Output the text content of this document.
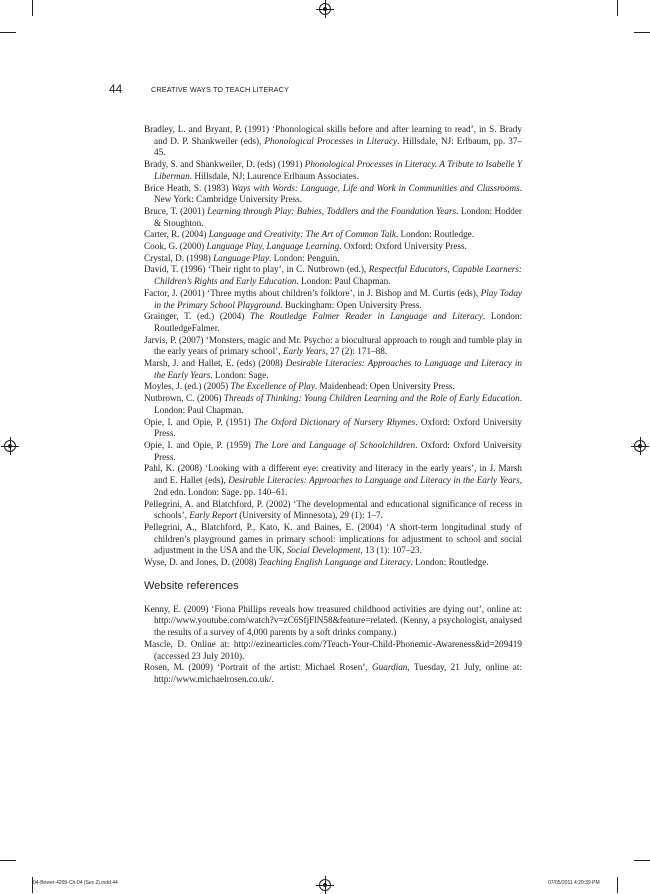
44	CREATIVE WAYS TO TEACH LITERACY
Bradley, L. and Bryant, P. (1991) ‘Phonological skills before and after learning to read’, in S. Brady and D. P. Shankweiler (eds), Phonological Processes in Literacy. Hillsdale, NJ: Erlbaum, pp. 37–45.
Brady, S. and Shankweiler, D. (eds) (1991) Phonological Processes in Literacy. A Tribute to Isabelle Y Liberman. Hillsdale, NJ: Laurence Erlbaum Associates.
Brice Heath, S. (1983) Ways with Words: Language, Life and Work in Communities and Classrooms. New York: Cambridge University Press.
Bruce, T. (2001) Learning through Play: Babies, Toddlers and the Foundation Years. London: Hodder & Stoughton.
Carter, R. (2004) Language and Creativity: The Art of Common Talk. London: Routledge.
Cook, G. (2000) Language Play, Language Learning. Oxford: Oxford University Press.
Crystal, D. (1998) Language Play. London: Penguin.
David, T. (1996) ‘Their right to play’, in C. Nutbrown (ed.), Respectful Educators, Capable Learners: Children’s Rights and Early Education. London: Paul Chapman.
Factor, J. (2001) ‘Three myths about children’s folklore’, in J. Bishop and M. Curtis (eds), Play Today in the Primary School Playground. Buckingham: Open University Press.
Grainger, T. (ed.) (2004) The Routledge Falmer Reader in Language and Literacy. London: RoutledgeFalmer.
Jarvis, P. (2007) ‘Monsters, magic and Mr. Psycho: a biocultural approach to rough and tumble play in the early years of primary school’, Early Years, 27 (2): 171–88.
Marsh, J. and Hallet, E. (eds) (2008) Desirable Literacies: Approaches to Language and Literacy in the Early Years. London: Sage.
Moyles, J. (ed.) (2005) The Excellence of Play. Maidenhead: Open University Press.
Nutbrown, C. (2006) Threads of Thinking: Young Children Learning and the Role of Early Education. London: Paul Chapman.
Opie, I. and Opie, P. (1951) The Oxford Dictionary of Nursery Rhymes. Oxford: Oxford University Press.
Opie, I. and Opie, P. (1959) The Lore and Language of Schoolchildren. Oxford: Oxford University Press.
Pahl, K. (2008) ‘Looking with a different eye: creativity and literacy in the early years’, in J. Marsh and E. Hallet (eds), Desirable Literacies: Approaches to Language and Literacy in the Early Years, 2nd edn. London: Sage. pp. 140–61.
Pellegrini, A. and Blatchford, P. (2002) ‘The developmental and educational significance of recess in schools’, Early Report (University of Minnesota), 29 (1): 1–7.
Pellegrini, A., Blatchford, P., Kato, K. and Baines, E. (2004) ‘A short-term longitudinal study of children’s playground games in primary school: implications for adjustment to school and social adjustment in the USA and the UK, Social Development, 13 (1): 107–23.
Wyse, D. and Jones, D. (2008) Teaching English Language and Literacy. London: Routledge.
Website references
Kenny, E. (2009) ‘Fiona Phillips reveals how treasured childhood activities are dying out’, online at: http://www.youtube.com/watch?v=zC6SfjFlN58&feature=related. (Kenny, a psychologist, analysed the results of a survey of 4,000 parents by a soft drinks company.)
Mascle, D. Online at: http://ezinearticles.com/?Teach-Your-Child-Phonemic-Awareness&id=209419 (accessed 23 July 2010).
Rosen, M. (2009) ‘Portrait of the artist: Michael Rosen’, Guardian, Tuesday, 21 July, online at: http://www.michaelrosen.co.uk/.
04-Bower-4209-Ch-04 (Sec 2).indd 44	07/05/2011 4:20:39 PM
